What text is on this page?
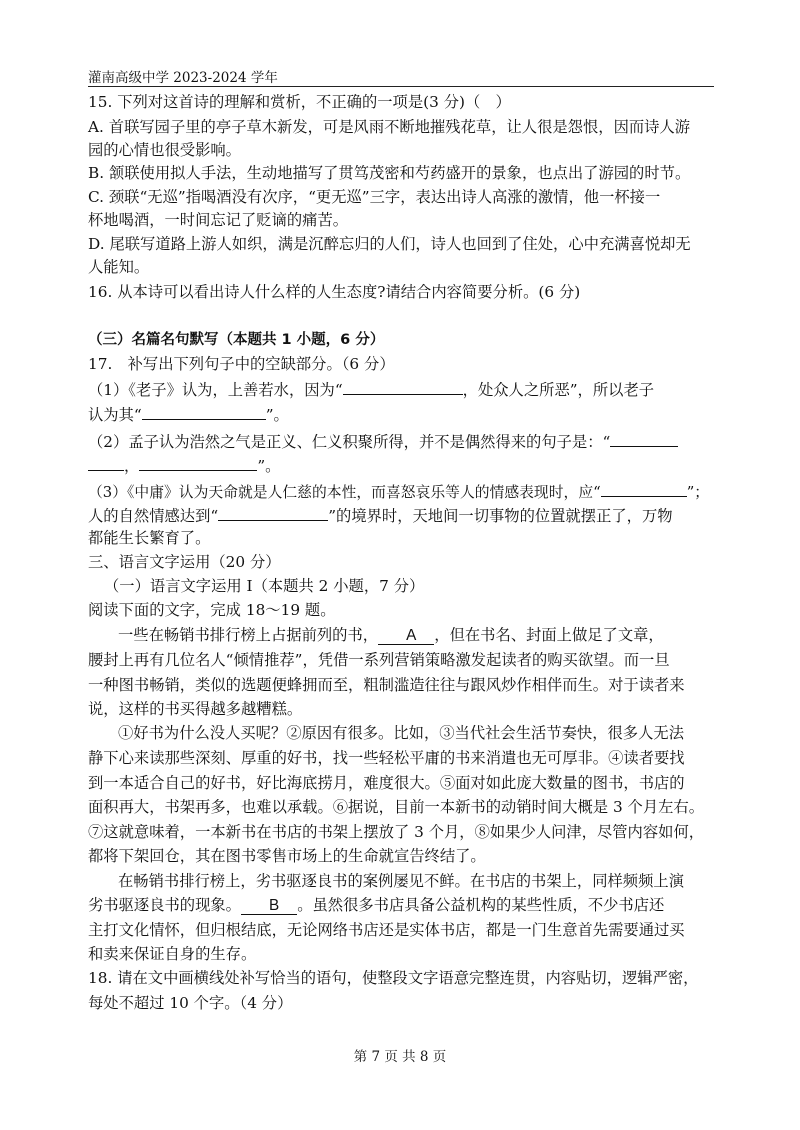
灌南高级中学 2023-2024 学年
15. 下列对这首诗的理解和赏析，不正确的一项是(3 分)（　）
A. 首联写园子里的亭子草木新发，可是风雨不断地摧残花草，让人很是怨恨，因而诗人游
园的心情也很受影响。
B. 颔联使用拟人手法，生动地描写了贯笃茂密和芍药盛开的景象，也点出了游园的时节。
C. 颈联“无巡”指喝酒没有次序，“更无巡”三字，表达出诗人高涨的激情，他一杯接一
杯地喝酒，一时间忘记了贬谪的痛苦。
D. 尾联写道路上游人如织，满是沉醉忘归的人们，诗人也回到了住处，心中充满喜悦却无
人能知。
16. 从本诗可以看出诗人什么样的人生态度?请结合内容简要分析。(6 分)
（三）名篇名句默写（本题共 1 小题，6 分）
17.　补写出下列句子中的空缺部分。（6 分）
（1）《老子》认为，上善若水，因为“	，处众人之所恶”，所以老子
认为其“	”。
（2）孟子认为浩然之气是正义、仁义积聚所得，并不是偶然得来的句子是：“
，	”。
（3）《中庸》认为天命就是人仁慈的本性，而喜怒哀乐等人的情感表现时，应“	”；
人的自然情感达到“	”的境界时，天地间一切事物的位置就摆正了，万物
都能生长繁育了。
三、语言文字运用（20 分）
（一）语言文字运用 I（本题共 2 小题，7 分）
阅读下面的文字，完成 18～19 题。
一些在畅销书排行榜上占据前列的书， A ，但在书名、封面上做足了文章，
腰封上再有几位名人“倾情推荐”，凭借一系列营销策略激发起读者的购买欲望。而一旦
一种图书畅销，类似的选题便蜂拥而至，粗制滥造往往与跟风炒作相伴而生。对于读者来
说，这样的书买得越多越糟糕。
①好书为什么没人买呢？②原因有很多。比如，③当代社会生活节奏快，很多人无法
静下心来读那些深刻、厚重的好书，找一些轻松平庸的书来消遣也无可厚非。④读者要找
到一本适合自己的好书，好比海底捞月，难度很大。⑤面对如此庞大数量的图书，书店的
面积再大，书架再多，也难以承载。⑥据说，目前一本新书的动销时间大概是 3 个月左右。
⑦这就意味着，一本新书在书店的书架上摆放了 3 个月，⑧如果少人问津，尽管内容如何，
都将下架回仓，其在图书零售市场上的生命就宣告终结了。
在畅销书排行榜上，劣书驱逐良书的案例屡见不鲜。在书店的书架上，同样频频上演
劣书驱逐良书的现象。 B 。虽然很多书店具备公益机构的某些性质，不少书店还
主打文化情怀，但归根结底，无论网络书店还是实体书店，都是一门生意首先需要通过买
和卖来保证自身的生存。
18. 请在文中画横线处补写恰当的语句，使整段文字语意完整连贯，内容贴切，逻辑严密，
每处不超过 10 个字。（4 分）
第 7 页 共 8 页
